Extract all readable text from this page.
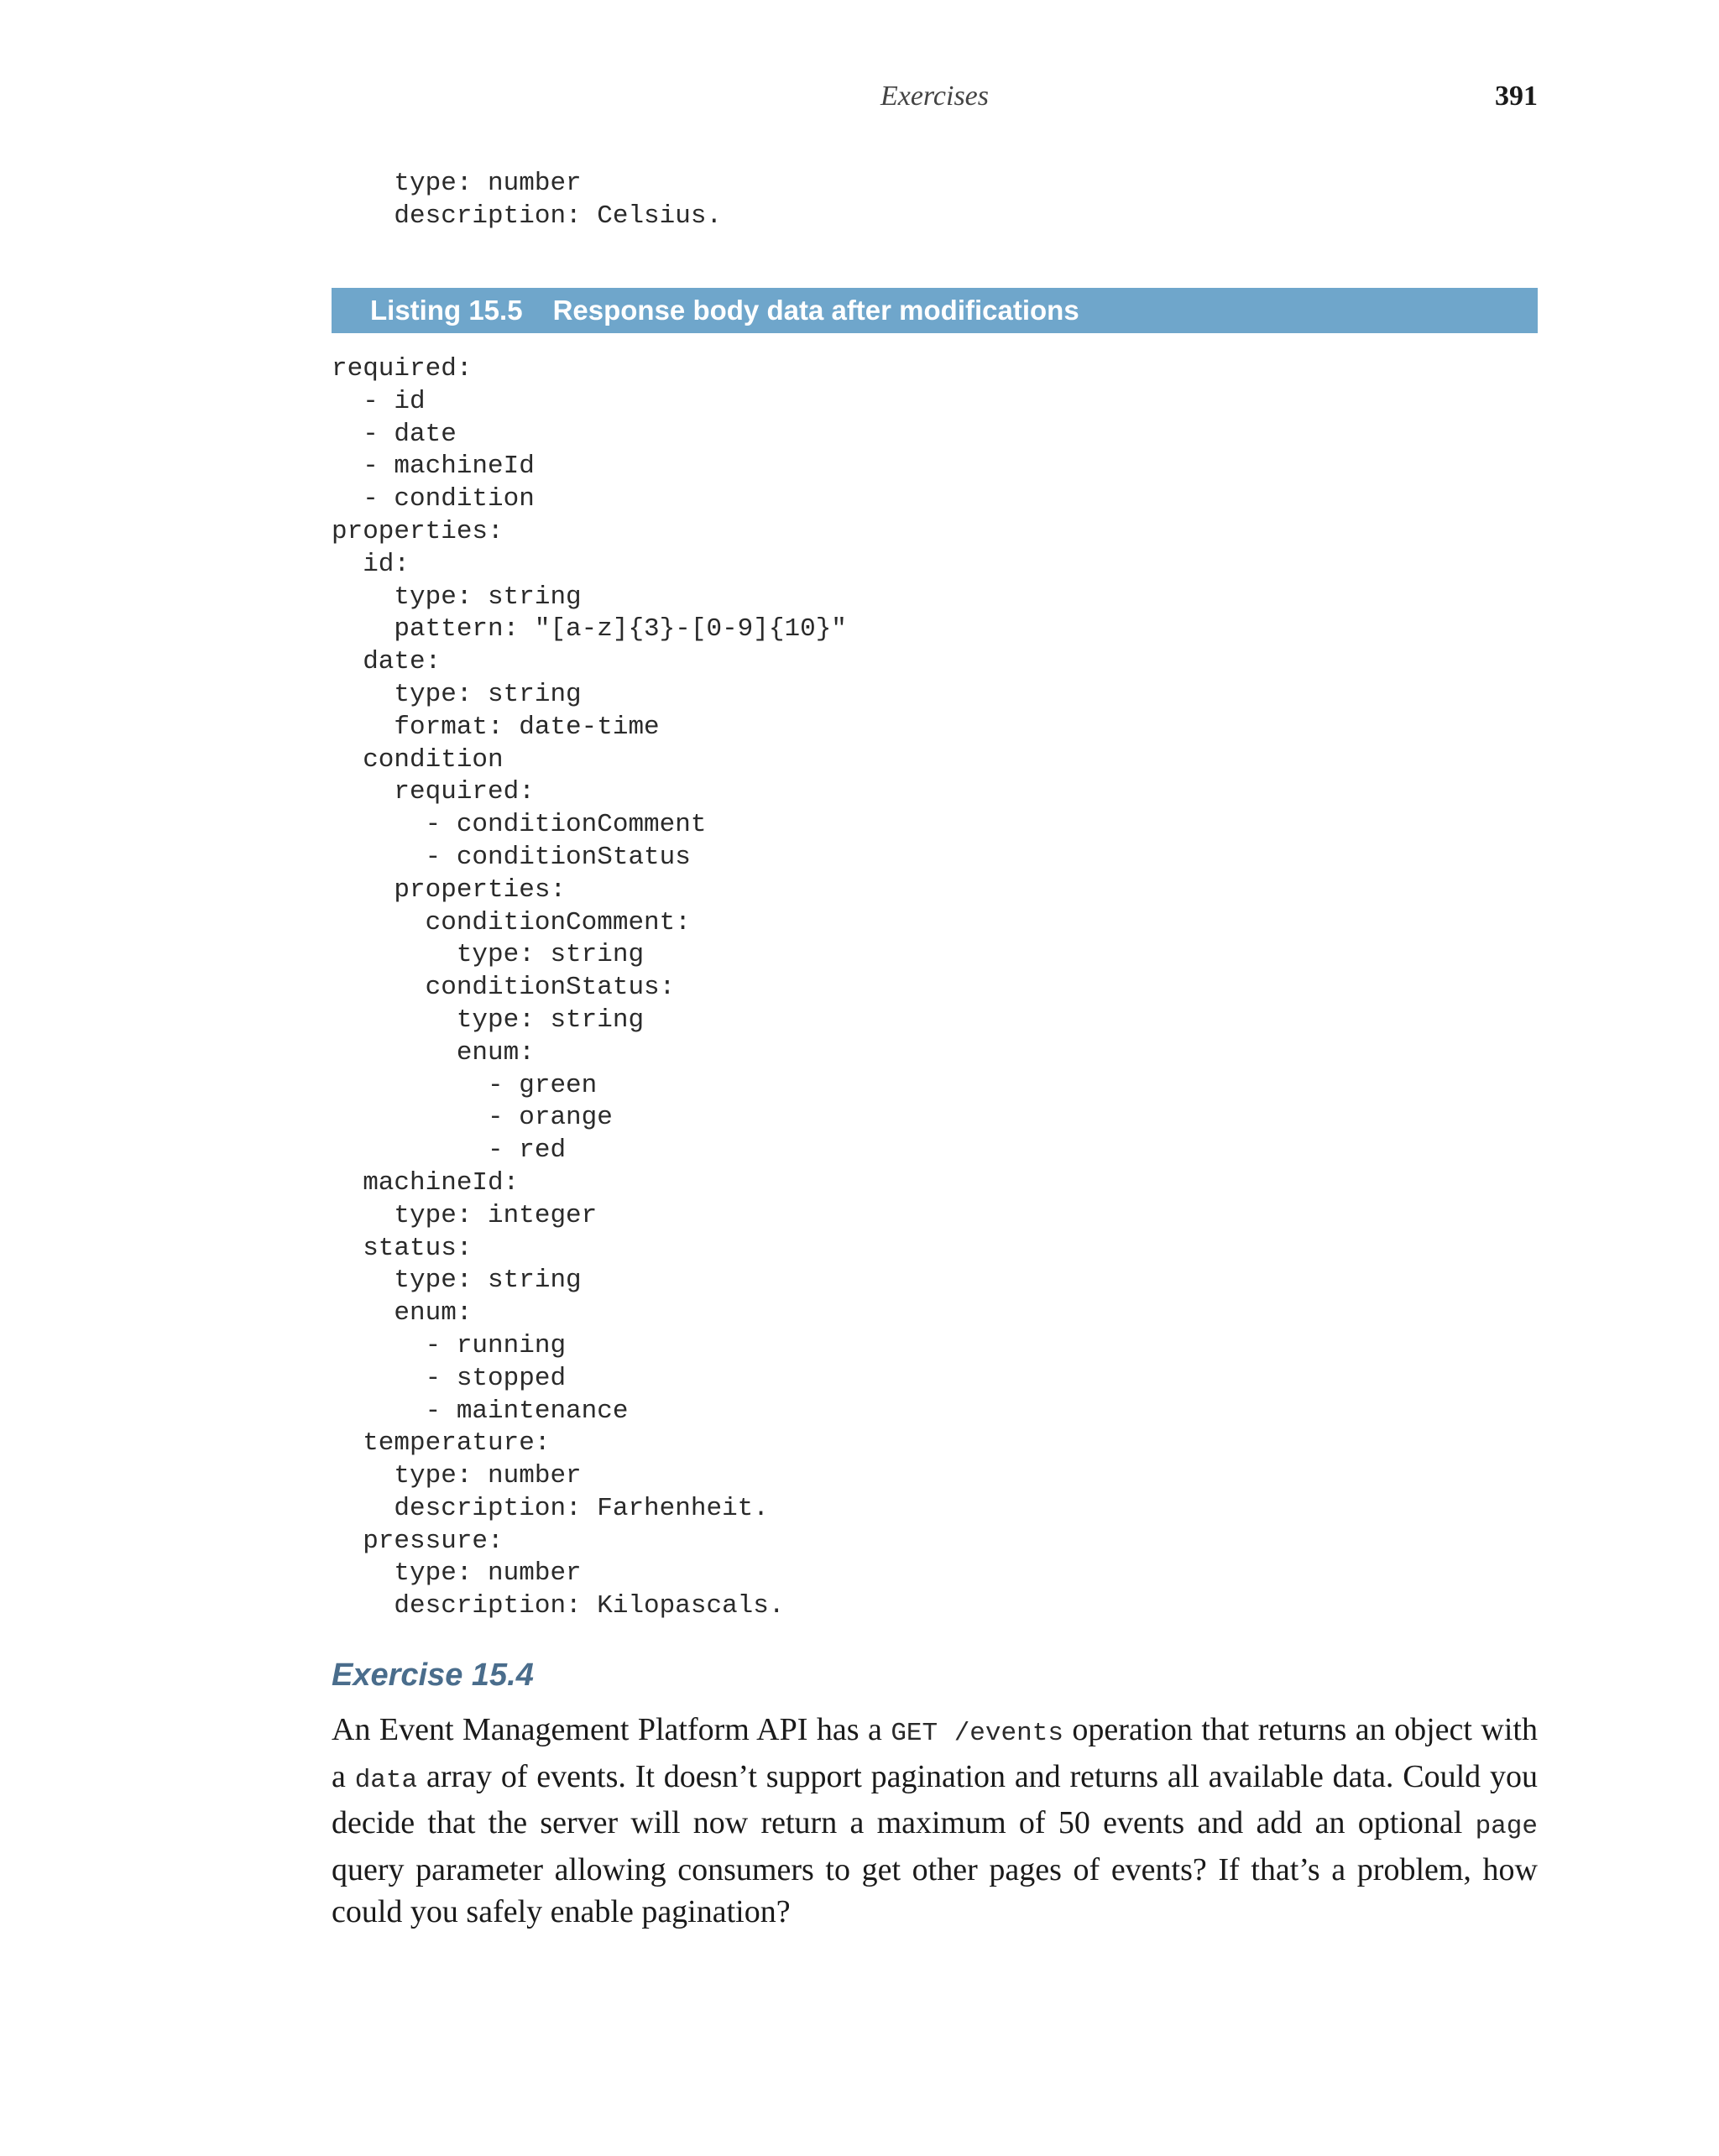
Exercises	391
type: number
description: Celsius.
Listing 15.5 Response body data after modifications
required:
- id
- date
- machineId
- condition
properties:
id:
type: string
pattern: "[a-z]{3}-[0-9]{10}"
date:
type: string
format: date-time
condition
required:
- conditionComment
- conditionStatus
properties:
conditionComment:
type: string
conditionStatus:
type: string
enum:
- green
- orange
- red
machineId:
type: integer
status:
type: string
enum:
- running
- stopped
- maintenance
temperature:
type: number
description: Farhenheit.
pressure:
type: number
description: Kilopascals.
Exercise 15.4

An Event Management Platform API has a GET /events operation that returns an object with a data array of events. It doesn’t support pagination and returns all available data. Could you decide that the server will now return a maximum of 50 events and add an optional page query parameter allowing consumers to get other pages of events? If that’s a problem, how could you safely enable pagination?
